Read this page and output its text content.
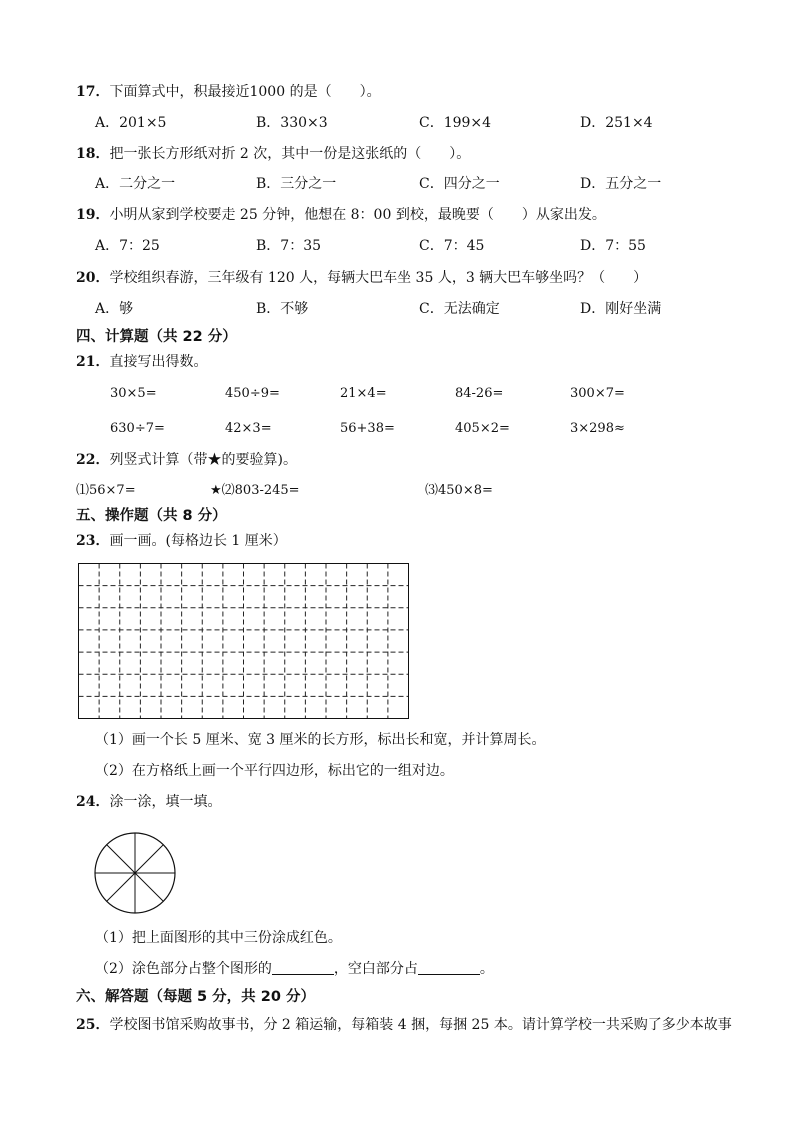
17．下面算式中，积最接近1000 的是（　　）。
A．201×5	B．330×3	C．199×4	D．251×4
18．把一张长方形纸对折 2 次，其中一份是这张纸的（　　）。
A．二分之一	B．三分之一	C．四分之一	D．五分之一
19．小明从家到学校要走 25 分钟，他想在 8：00 到校，最晚要（　　）从家出发。
A．7：25	B．7：35	C．7：45	D．7：55
20．学校组织春游，三年级有 120 人，每辆大巴车坐 35 人，3 辆大巴车够坐吗？（　　）
A．够	B．不够	C．无法确定	D．刚好坐满
四、计算题（共 22 分）
21．直接写出得数。
30×5=	450÷9=	21×4=	84-26=	300×7=
630÷7=	42×3=	56+38=	405×2=	3×298≈
22．列竖式计算（带★的要验算)。
⑴56×7=	★⑵803-245=	⑶450×8=
五、操作题（共 8 分）
23．画一画。(每格边长 1 厘米）
（1）画一个长 5 厘米、宽 3 厘米的长方形，标出长和宽，并计算周长。
（2）在方格纸上画一个平行四边形，标出它的一组对边。
24．涂一涂，填一填。
（1）把上面图形的其中三份涂成红色。
（2）涂色部分占整个图形的	，空白部分占	。
六、解答题（每题 5 分，共 20 分）
25．学校图书馆采购故事书，分 2 箱运输，每箱装 4 捆，每捆 25 本。请计算学校一共采购了多少本故事
